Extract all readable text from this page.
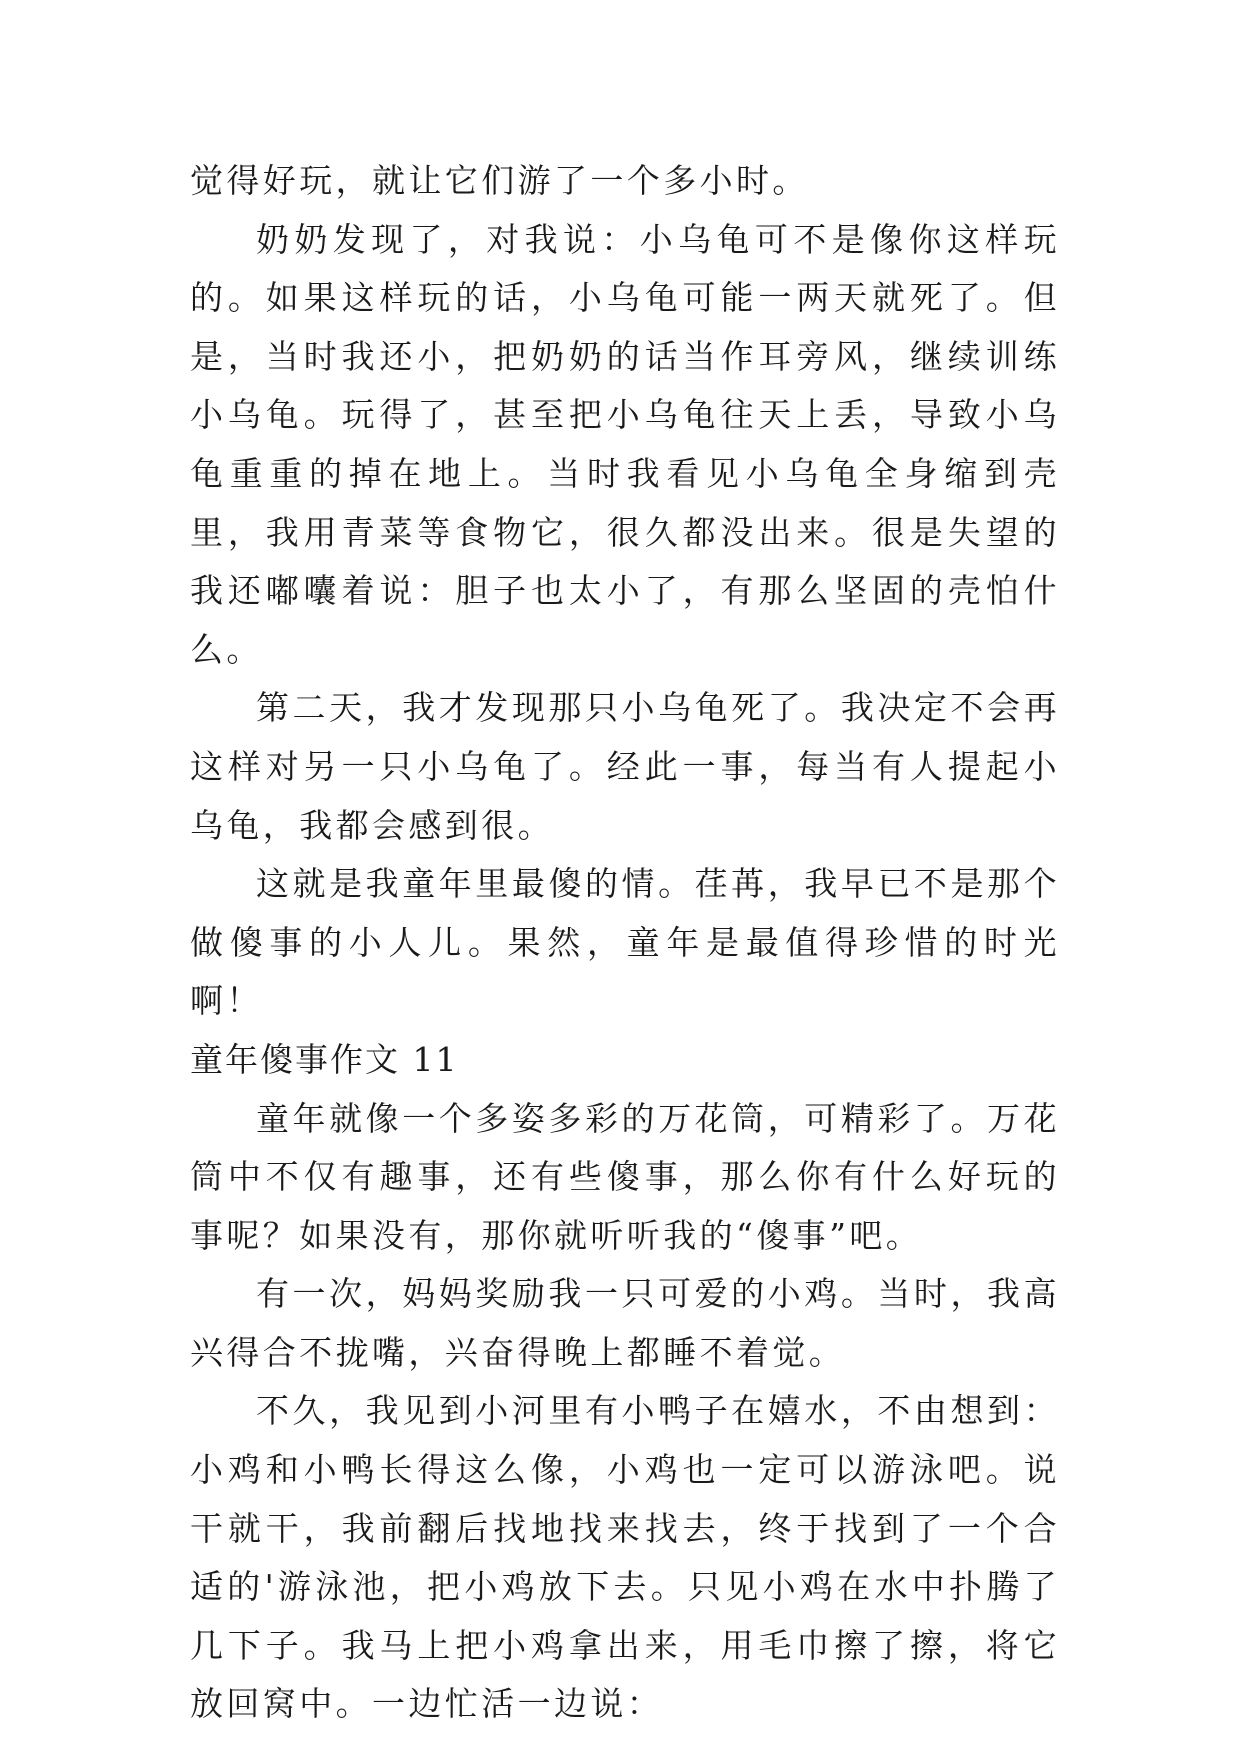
觉得好玩，就让它们游了一个多小时。

奶奶发现了，对我说：小乌龟可不是像你这样玩的。如果这样玩的话，小乌龟可能一两天就死了。但是，当时我还小，把奶奶的话当作耳旁风，继续训练小乌龟。玩得了，甚至把小乌龟往天上丢，导致小乌龟重重的掉在地上。当时我看见小乌龟全身缩到壳里，我用青菜等食物它，很久都没出来。很是失望的我还嘟囔着说：胆子也太小了，有那么坚固的壳怕什么。

第二天，我才发现那只小乌龟死了。我决定不会再这样对另一只小乌龟了。经此一事，每当有人提起小乌龟，我都会感到很。

这就是我童年里最傻的情。荏苒，我早已不是那个做傻事的小人儿。果然，童年是最值得珍惜的时光啊！

童年傻事作文 11

童年就像一个多姿多彩的万花筒，可精彩了。万花筒中不仅有趣事，还有些傻事，那么你有什么好玩的事呢？如果没有，那你就听听我的“傻事”吧。

有一次，妈妈奖励我一只可爱的小鸡。当时，我高兴得合不拢嘴，兴奋得晚上都睡不着觉。

不久，我见到小河里有小鸭子在嬉水，不由想到：小鸡和小鸭长得这么像，小鸡也一定可以游泳吧。说干就干，我前翻后找地找来找去，终于找到了一个合适的'游泳池，把小鸡放下去。只见小鸡在水中扑腾了几下子。我马上把小鸡拿出来，用毛巾擦了擦，将它放回窝中。一边忙活一边说：
